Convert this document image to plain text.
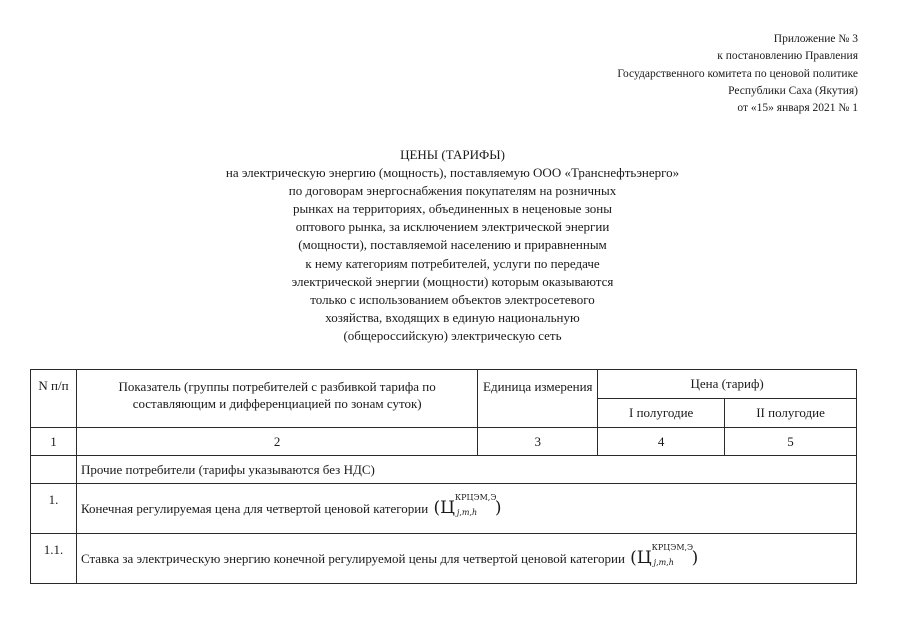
Приложение № 3
к постановлению Правления
Государственного комитета по ценовой политике
Республики Саха (Якутия)
от «15» января 2021 № 1
ЦЕНЫ (ТАРИФЫ)
на электрическую энергию (мощность), поставляемую ООО «Транснефтьэнерго»
по договорам энергоснабжения покупателям на розничных
рынках на территориях, объединенных в неценовые зоны
оптового рынка, за исключением электрической энергии
(мощности), поставляемой населению и приравненным
к нему категориям потребителей, услуги по передаче
электрической энергии (мощности) которым оказываются
только с использованием объектов электросетевого
хозяйства, входящих в единую национальную
(общероссийскую) электрическую сеть
N п/п	Показатель (группы потребителей с разбивкой тарифа по составляющим и дифференциацией по зонам суток)	Единица измерения	Цена (тариф)	
			I полугодие	II полугодие
1	2	3	4	5
	Прочие потребители (тарифы указываются без НДС)			
1.	Конечная регулируемая цена для четвертой ценовой категории (Ц КРЦЭМ,Э
j,m,h )			
1.1.	Ставка за электрическую энергию конечной регулируемой цены для четвертой ценовой категории (Ц КРЦЭМ,Э
j,m,h )			
